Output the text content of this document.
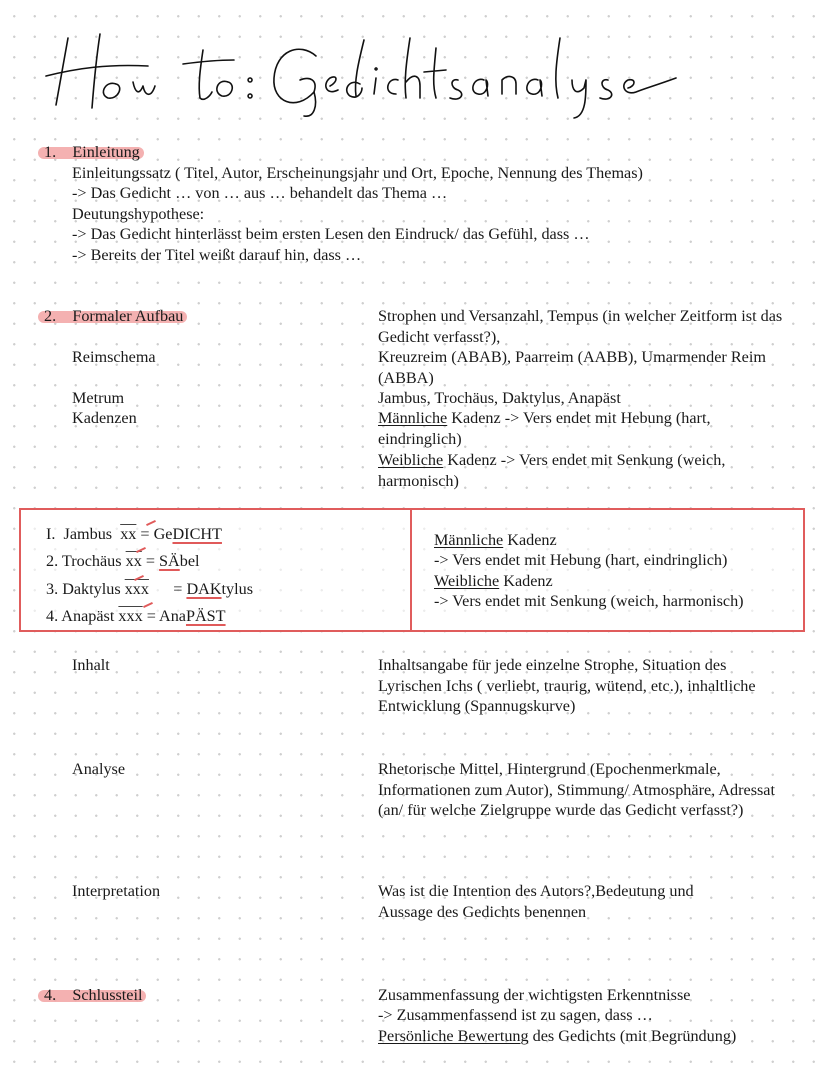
1. Einleitung
Einleitungssatz ( Titel, Autor, Erscheinungsjahr und Ort, Epoche, Nennung des Themas)
-> Das Gedicht … von … aus … behandelt das Thema …
Deutungshypothese:
-> Das Gedicht hinterlässt beim ersten Lesen den Eindruck/ das Gefühl, dass …
-> Bereits der Titel weißt darauf hin, dass …
2. Formaler Aufbau	Strophen und Versanzahl, Tempus (in welcher Zeitform ist das Gedicht verfasst?),
Reimschema	Kreuzreim (ABAB), Paarreim (AABB), Umarmender Reim (ABBA)
Metrum	Jambus, Trochäus, Daktylus, Anapäst
Kadenzen	Männliche Kadenz -> Vers endet mit Hebung (hart, eindringlich)
Weibliche Kadenz -> Vers endet mit Senkung (weich, harmonisch)
I. Jambus $\overline{xx}$ = GeDICHT
2. Trochäus $\overline{xx}$ = SÄbel
3. Daktylus $\overline{xxx}$ = DAKtylus
4. Anapäst $\overline{xxx}$ = AnaPÄST
Männliche Kadenz
-> Vers endet mit Hebung (hart, eindringlich)
Weibliche Kadenz
-> Vers endet mit Senkung (weich, harmonisch)
Inhalt	Inhaltsangabe für jede einzelne Strophe, Situation des Lyrischen Ichs ( verliebt, traurig, wütend, etc.), inhaltliche Entwicklung (Spannugskurve)
Analyse	Rhetorische Mittel, Hintergrund (Epochenmerkmale, Informationen zum Autor), Stimmung/ Atmosphäre, Adressat (an/ für welche Zielgruppe wurde das Gedicht verfasst?)
Interpretation	Was ist die Intention des Autors?,Bedeutung und Aussage des Gedichts benennen
4. Schlussteil	Zusammenfassung der wichtigsten Erkenntnisse
-> Zusammenfassend ist zu sagen, dass …
Persönliche Bewertung des Gedichts (mit Begründung)
